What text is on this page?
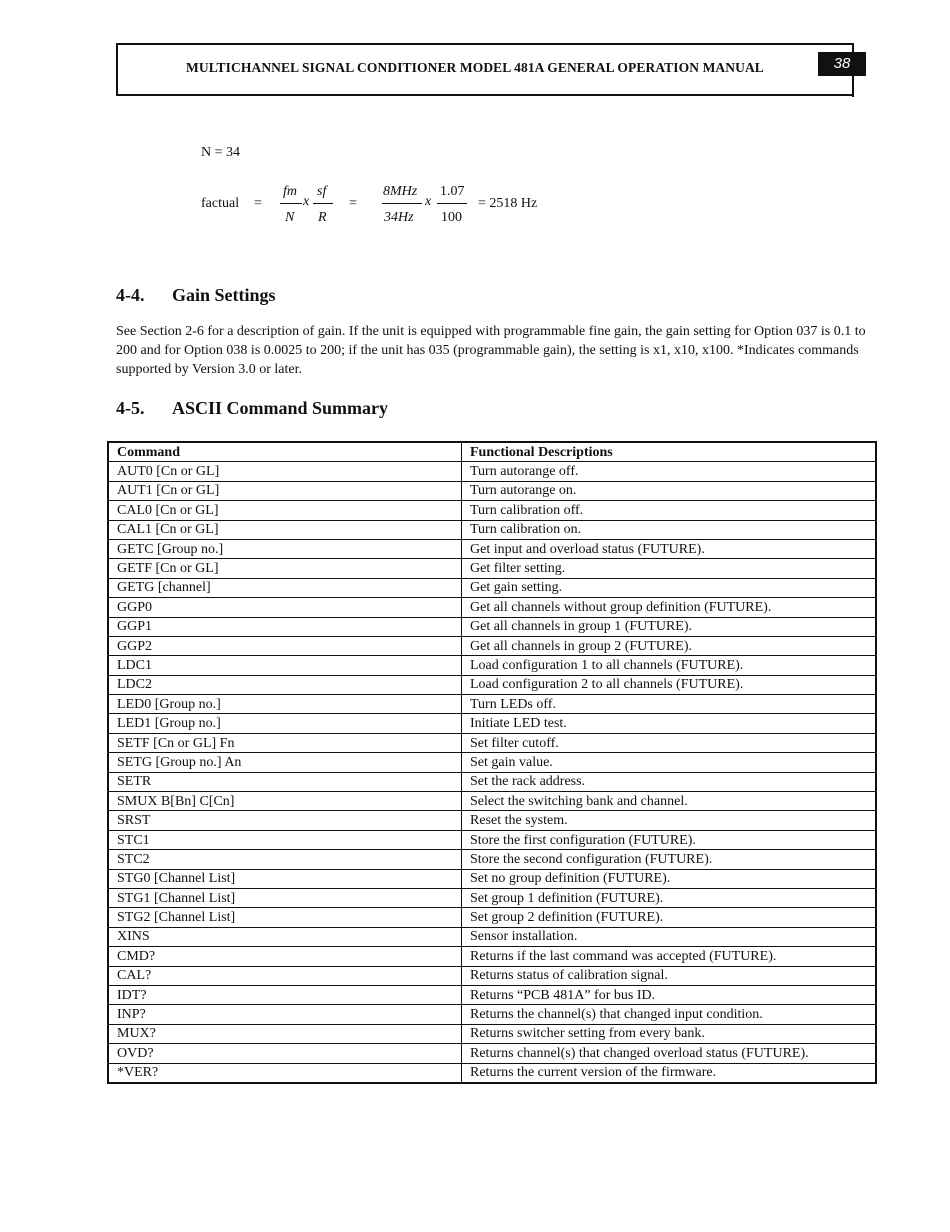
MULTICHANNEL SIGNAL CONDITIONER MODEL 481A GENERAL OPERATION MANUAL	38
N = 34
factual =
fm
N
x
sf
R
=
8MHz
34Hz
x
1.07
100
= 2518 Hz
4-4. Gain Settings
See Section 2-6 for a description of gain. If the unit is equipped with programmable fine gain, the gain setting for Option 037 is 0.1 to 200 and for Option 038 is 0.0025 to 200; if the unit has 035 (programmable gain), the setting is x1, x10, x100. *Indicates commands supported by Version 3.0 or later.
4-5. ASCII Command Summary
Command	Functional Descriptions
AUT0 [Cn or GL]	Turn autorange off.
AUT1 [Cn or GL]	Turn autorange on.
CAL0 [Cn or GL]	Turn calibration off.
CAL1 [Cn or GL]	Turn calibration on.
GETC [Group no.]	Get input and overload status (FUTURE).
GETF [Cn or GL]	Get filter setting.
GETG [channel]	Get gain setting.
GGP0	Get all channels without group definition (FUTURE).
GGP1	Get all channels in group 1 (FUTURE).
GGP2	Get all channels in group 2 (FUTURE).
LDC1	Load configuration 1 to all channels (FUTURE).
LDC2	Load configuration 2 to all channels (FUTURE).
LED0 [Group no.]	Turn LEDs off.
LED1 [Group no.]	Initiate LED test.
SETF [Cn or GL] Fn	Set filter cutoff.
SETG [Group no.] An	Set gain value.
SETR	Set the rack address.
SMUX B[Bn] C[Cn]	Select the switching bank and channel.
SRST	Reset the system.
STC1	Store the first configuration (FUTURE).
STC2	Store the second configuration (FUTURE).
STG0 [Channel List]	Set no group definition (FUTURE).
STG1 [Channel List]	Set group 1 definition (FUTURE).
STG2 [Channel List]	Set group 2 definition (FUTURE).
XINS	Sensor installation.
CMD?	Returns if the last command was accepted (FUTURE).
CAL?	Returns status of calibration signal.
IDT?	Returns “PCB 481A” for bus ID.
INP?	Returns the channel(s) that changed input condition.
MUX?	Returns switcher setting from every bank.
OVD?	Returns channel(s) that changed overload status (FUTURE).
*VER?	Returns the current version of the firmware.
